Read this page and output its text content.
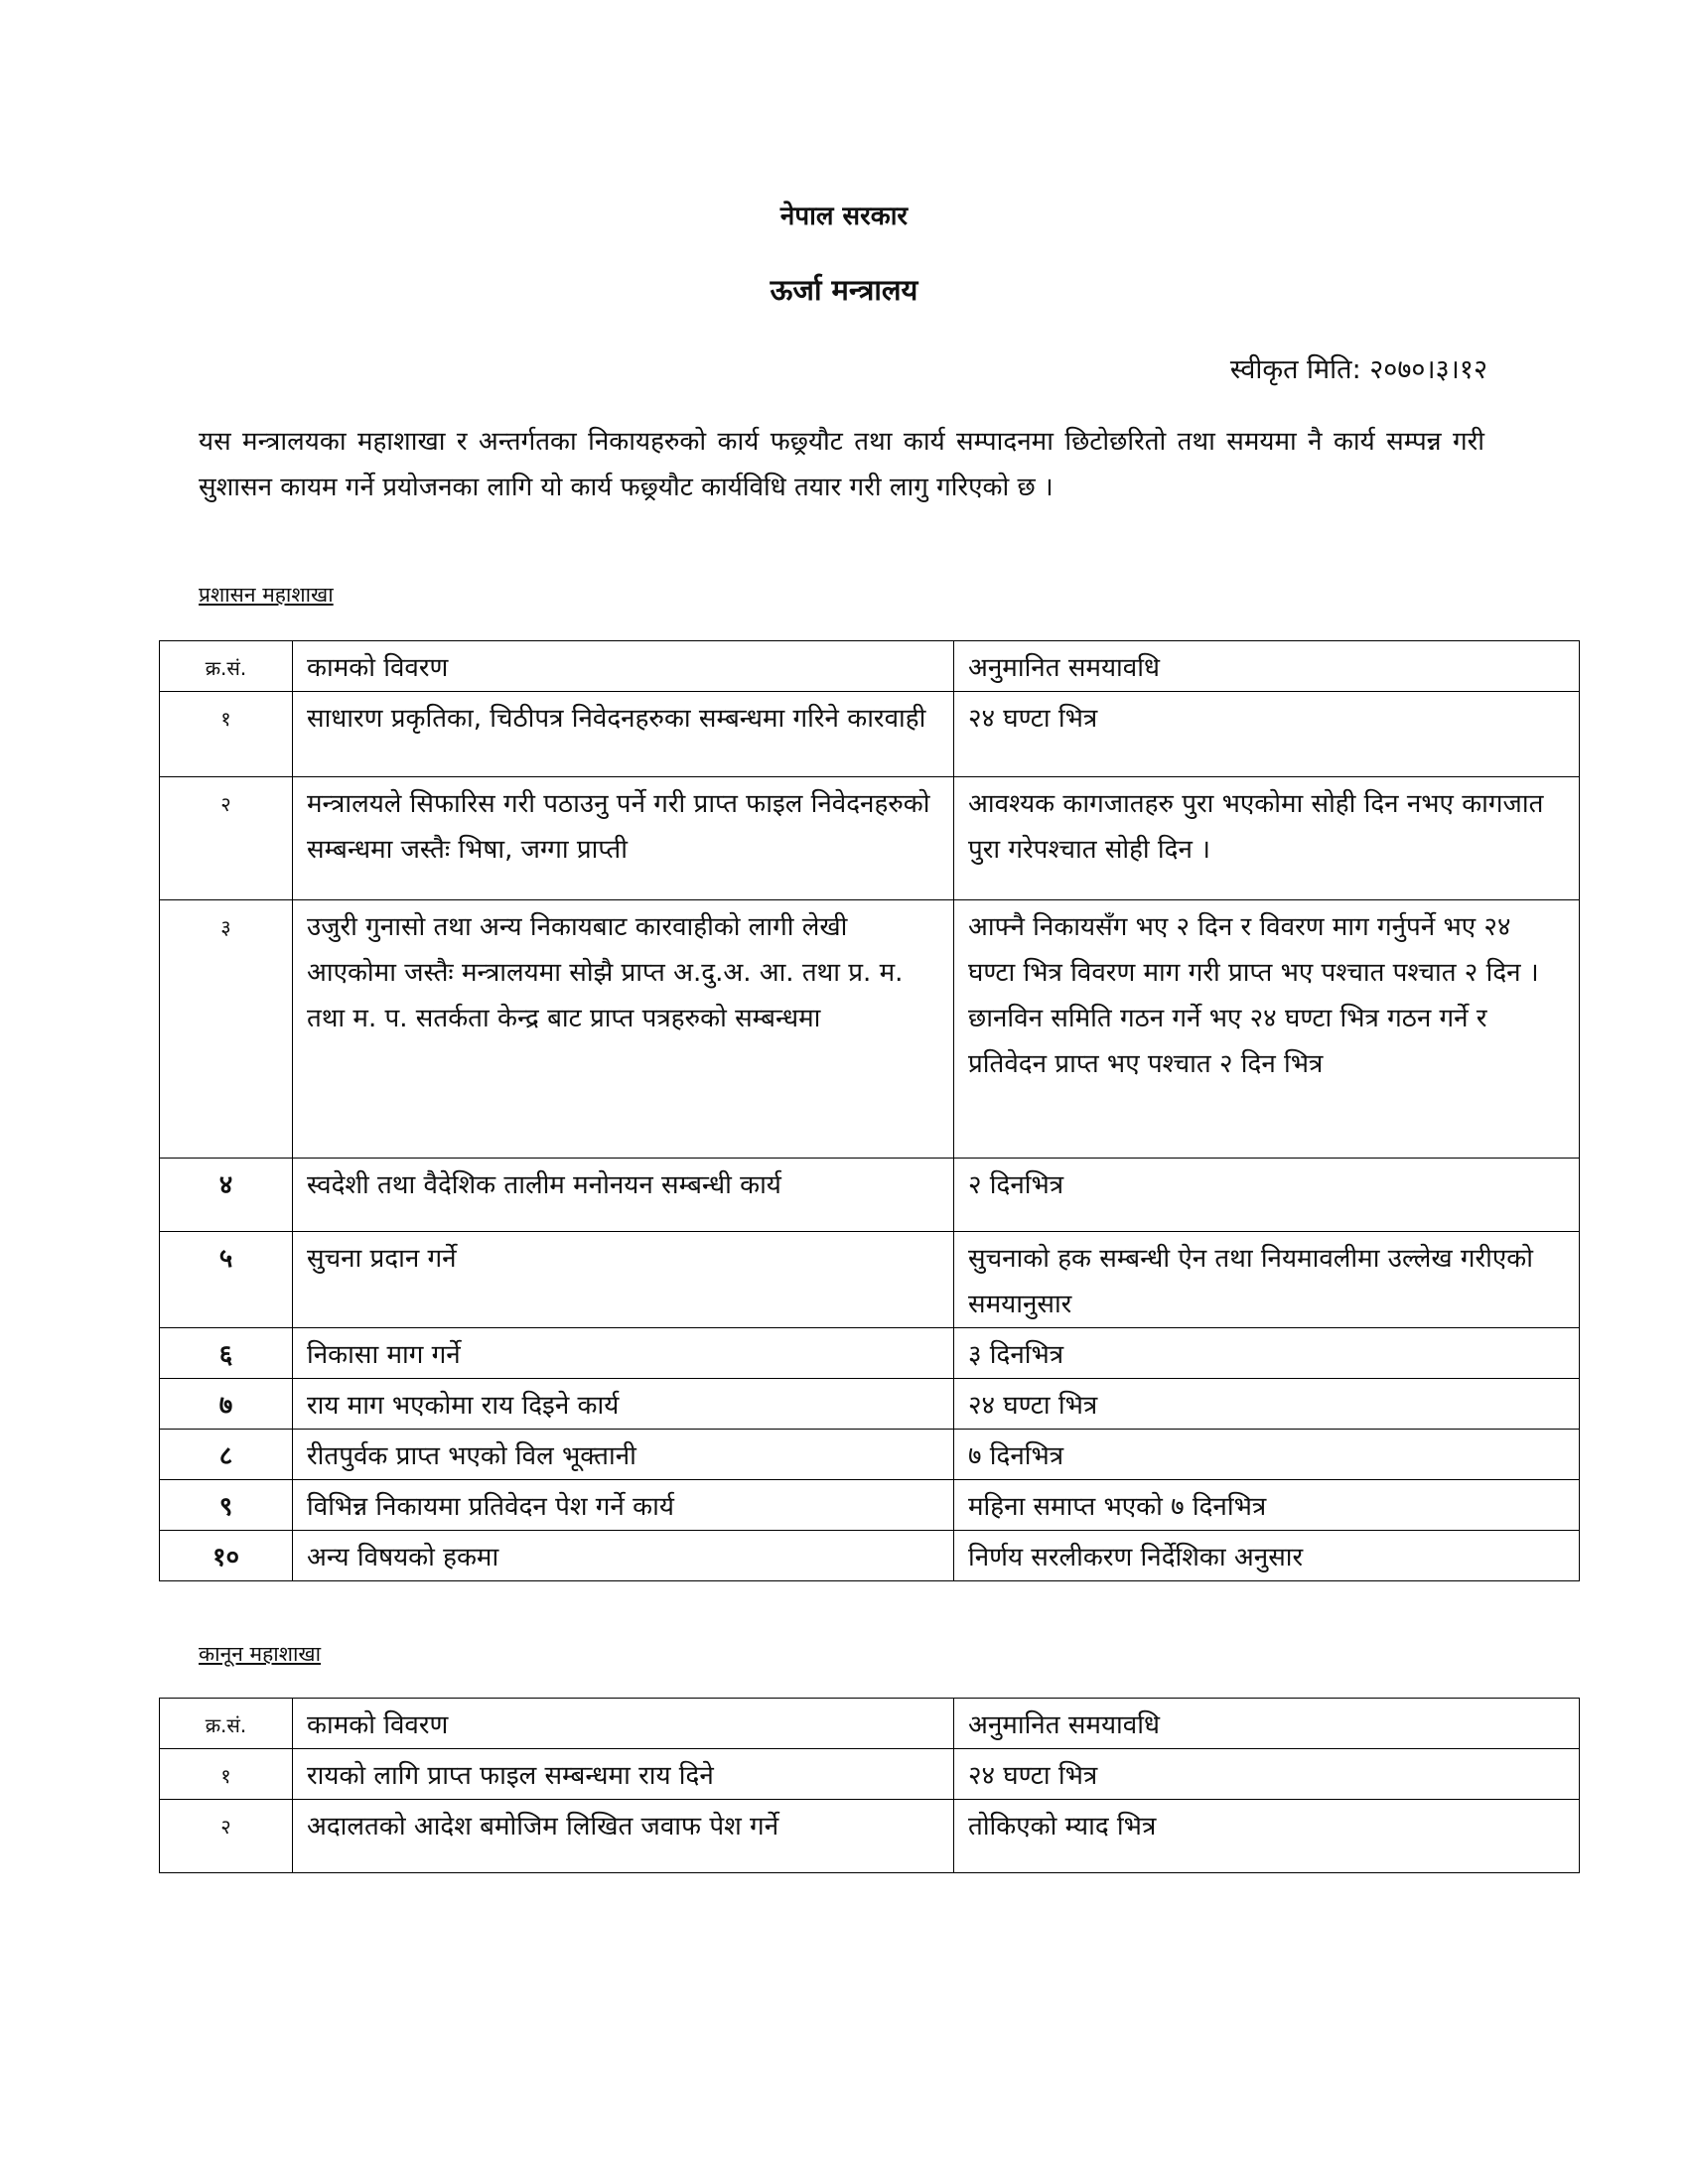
नेपाल सरकार
ऊर्जा मन्त्रालय
स्वीकृत मिति: २०७०।३।१२
यस मन्त्रालयका महाशाखा र अन्तर्गतका निकायहरुको कार्य फछ्र्यौट तथा कार्य सम्पादनमा छिटोछरितो तथा समयमा नै कार्य सम्पन्न गरी सुशासन कायम गर्ने प्रयोजनका लागि यो कार्य फछ्र्यौट कार्यविधि तयार गरी लागु गरिएको छ ।
प्रशासन महाशाखा
क्र.सं.	कामको विवरण	अनुमानित समयावधि
१	साधारण प्रकृतिका, चिठीपत्र निवेदनहरुका सम्बन्धमा गरिने कारवाही	२४ घण्टा भित्र
२	मन्त्रालयले सिफारिस गरी पठाउनु पर्ने गरी प्राप्त फाइल निवेदनहरुको सम्बन्धमा जस्तैः भिषा, जग्गा प्राप्ती	आवश्यक कागजातहरु पुरा भएकोमा सोही दिन नभए कागजात पुरा गरेपश्चात सोही दिन ।
३	उजुरी गुनासो तथा अन्य निकायबाट कारवाहीको लागी लेखी आएकोमा जस्तैः मन्त्रालयमा सोझै प्राप्त अ.दु.अ. आ. तथा प्र. म. तथा म. प. सतर्कता केन्द्र बाट प्राप्त पत्रहरुको सम्बन्धमा	आफ्नै निकायसँग भए २ दिन र विवरण माग गर्नुपर्ने भए २४ घण्टा भित्र विवरण माग गरी प्राप्त भए पश्चात पश्चात २ दिन ।
छानविन समिति गठन गर्ने भए २४ घण्टा भित्र गठन गर्ने र प्रतिवेदन प्राप्त भए पश्चात २ दिन भित्र

४	स्वदेशी तथा वैदेशिक तालीम मनोनयन सम्बन्धी कार्य	२ दिनभित्र
५	सुचना प्रदान गर्ने	सुचनाको हक सम्बन्धी ऐन तथा नियमावलीमा उल्लेख गरीएको समयानुसार
६	निकासा माग गर्ने	३ दिनभित्र
७	राय माग भएकोमा राय दिइने कार्य	२४ घण्टा भित्र
८	रीतपुर्वक प्राप्त भएको विल भूक्तानी	७ दिनभित्र
९	विभिन्न निकायमा प्रतिवेदन पेश गर्ने कार्य	महिना समाप्त भएको ७ दिनभित्र
१०	अन्य विषयको हकमा	निर्णय सरलीकरण निर्देशिका अनुसार
कानून महाशाखा
क्र.सं.	कामको विवरण	अनुमानित समयावधि
१	रायको लागि प्राप्त फाइल सम्बन्धमा राय दिने	२४ घण्टा भित्र
२	अदालतको आदेश बमोजिम लिखित जवाफ पेश गर्ने	तोकिएको म्याद भित्र
